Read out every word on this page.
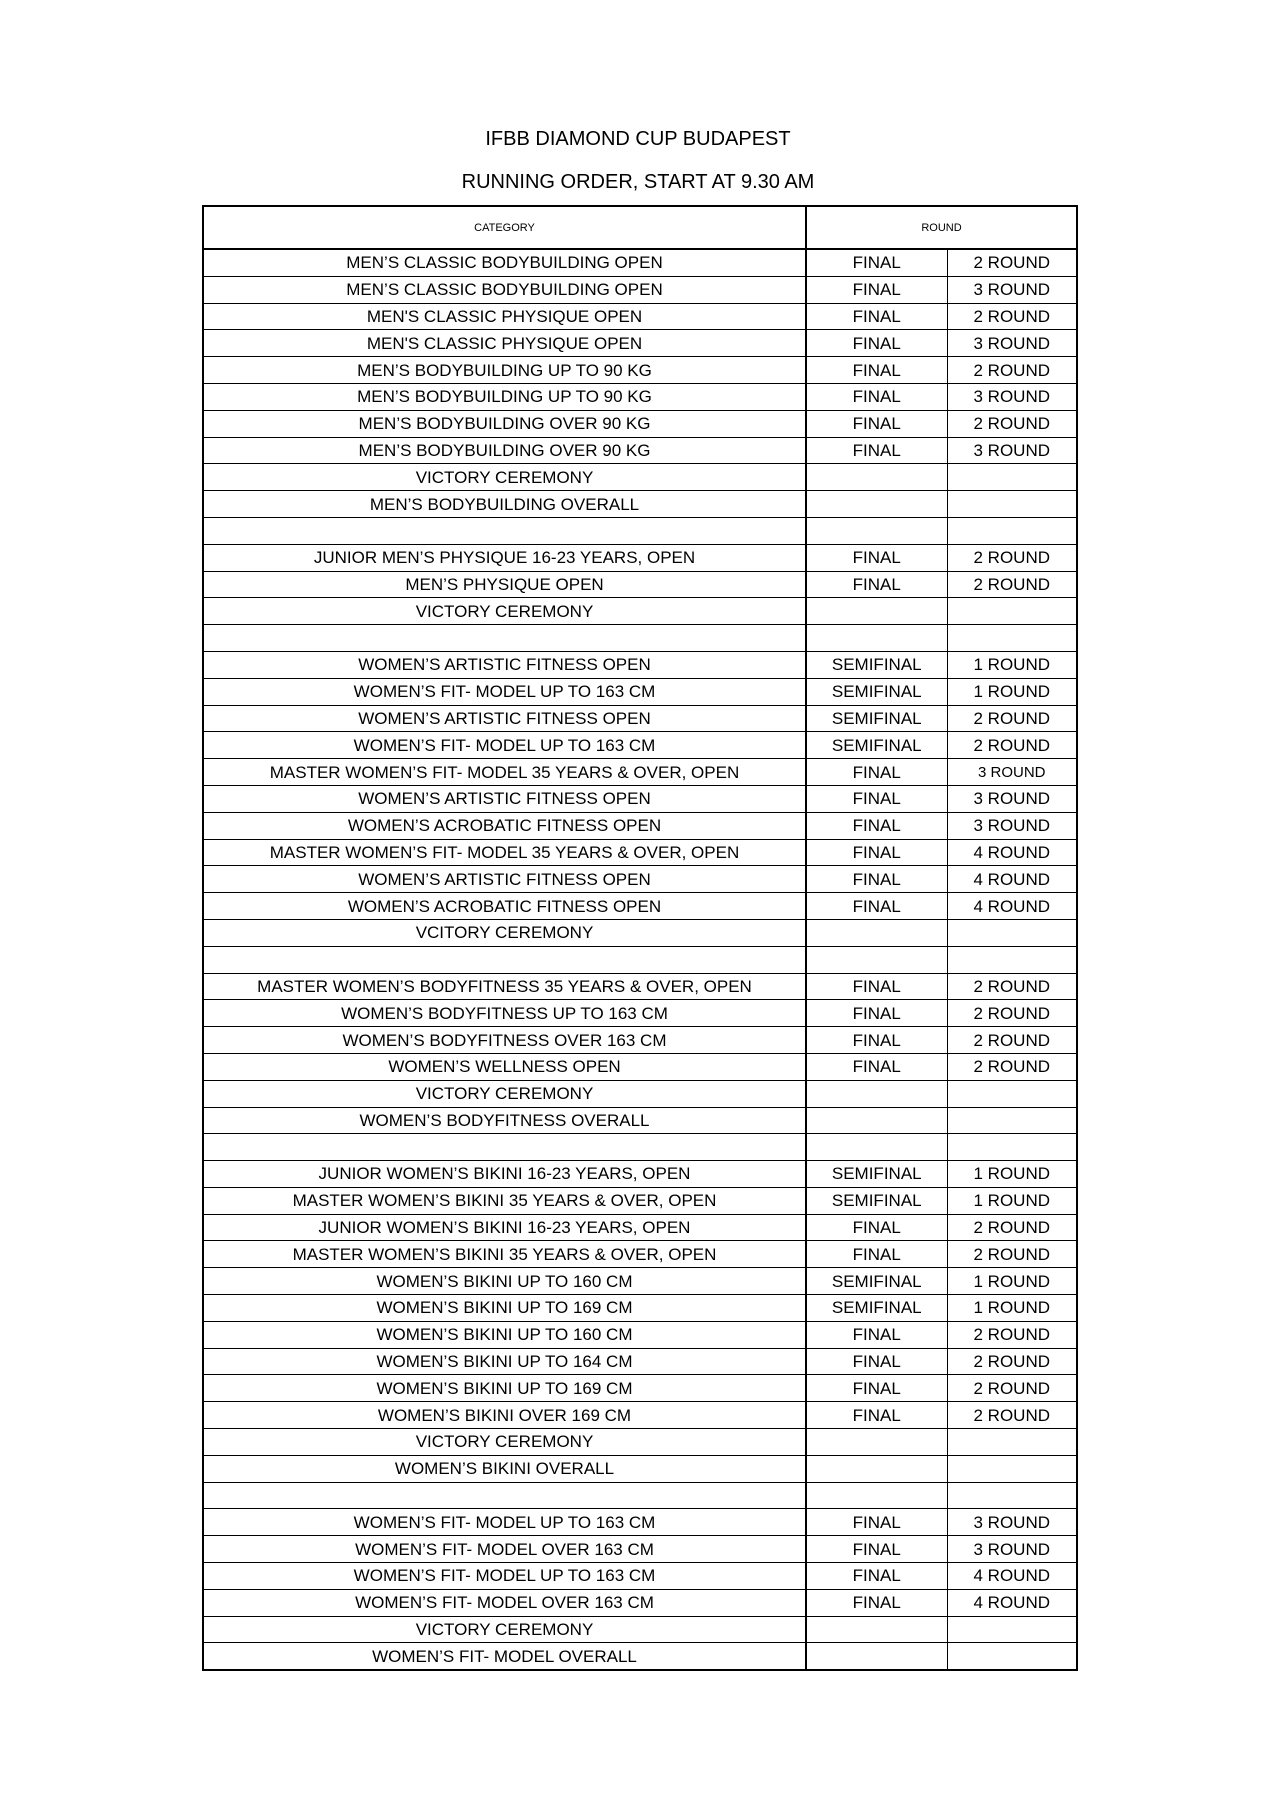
IFBB DIAMOND CUP BUDAPEST
RUNNING ORDER, START AT 9.30 AM
CATEGORY	ROUND	
MEN’S CLASSIC BODYBUILDING OPEN	FINAL	2 ROUND
MEN’S CLASSIC BODYBUILDING OPEN	FINAL	3 ROUND
MEN'S CLASSIC PHYSIQUE OPEN	FINAL	2 ROUND
MEN'S CLASSIC PHYSIQUE OPEN	FINAL	3 ROUND
MEN’S BODYBUILDING UP TO 90 KG	FINAL	2 ROUND
MEN’S BODYBUILDING UP TO 90 KG	FINAL	3 ROUND
MEN’S BODYBUILDING OVER 90 KG	FINAL	2 ROUND
MEN’S BODYBUILDING OVER 90 KG	FINAL	3 ROUND
VICTORY CEREMONY		
MEN’S BODYBUILDING OVERALL		

JUNIOR MEN’S PHYSIQUE 16-23 YEARS, OPEN	FINAL	2 ROUND
MEN’S PHYSIQUE OPEN	FINAL	2 ROUND
VICTORY CEREMONY		

WOMEN’S ARTISTIC FITNESS OPEN	SEMIFINAL	1 ROUND
WOMEN’S FIT- MODEL UP TO 163 CM	SEMIFINAL	1 ROUND
WOMEN’S ARTISTIC FITNESS OPEN	SEMIFINAL	2 ROUND
WOMEN’S FIT- MODEL UP TO 163 CM	SEMIFINAL	2 ROUND
MASTER WOMEN’S FIT- MODEL 35 YEARS & OVER, OPEN	FINAL	3 ROUND
WOMEN’S ARTISTIC FITNESS OPEN	FINAL	3 ROUND
WOMEN’S ACROBATIC FITNESS OPEN	FINAL	3 ROUND
MASTER WOMEN’S FIT- MODEL 35 YEARS & OVER, OPEN	FINAL	4 ROUND
WOMEN’S ARTISTIC FITNESS OPEN	FINAL	4 ROUND
WOMEN’S ACROBATIC FITNESS OPEN	FINAL	4 ROUND
VCITORY CEREMONY		

MASTER WOMEN’S BODYFITNESS 35 YEARS & OVER, OPEN	FINAL	2 ROUND
WOMEN’S BODYFITNESS UP TO 163 CM	FINAL	2 ROUND
WOMEN’S BODYFITNESS OVER 163 CM	FINAL	2 ROUND
WOMEN’S WELLNESS OPEN	FINAL	2 ROUND
VICTORY CEREMONY		
WOMEN’S BODYFITNESS OVERALL		

JUNIOR WOMEN’S BIKINI 16-23 YEARS, OPEN	SEMIFINAL	1 ROUND
MASTER WOMEN’S BIKINI 35 YEARS & OVER, OPEN	SEMIFINAL	1 ROUND
JUNIOR WOMEN’S BIKINI 16-23 YEARS, OPEN	FINAL	2 ROUND
MASTER WOMEN’S BIKINI 35 YEARS & OVER, OPEN	FINAL	2 ROUND
WOMEN’S BIKINI UP TO 160 CM	SEMIFINAL	1 ROUND
WOMEN’S BIKINI UP TO 169 CM	SEMIFINAL	1 ROUND
WOMEN’S BIKINI UP TO 160 CM	FINAL	2 ROUND
WOMEN’S BIKINI UP TO 164 CM	FINAL	2 ROUND
WOMEN’S BIKINI UP TO 169 CM	FINAL	2 ROUND
WOMEN’S BIKINI OVER 169 CM	FINAL	2 ROUND
VICTORY CEREMONY		
WOMEN’S BIKINI OVERALL		

WOMEN’S FIT- MODEL UP TO 163 CM	FINAL	3 ROUND
WOMEN’S FIT- MODEL OVER 163 CM	FINAL	3 ROUND
WOMEN’S FIT- MODEL UP TO 163 CM	FINAL	4 ROUND
WOMEN’S FIT- MODEL OVER 163 CM	FINAL	4 ROUND
VICTORY CEREMONY		
WOMEN’S FIT- MODEL OVERALL		
